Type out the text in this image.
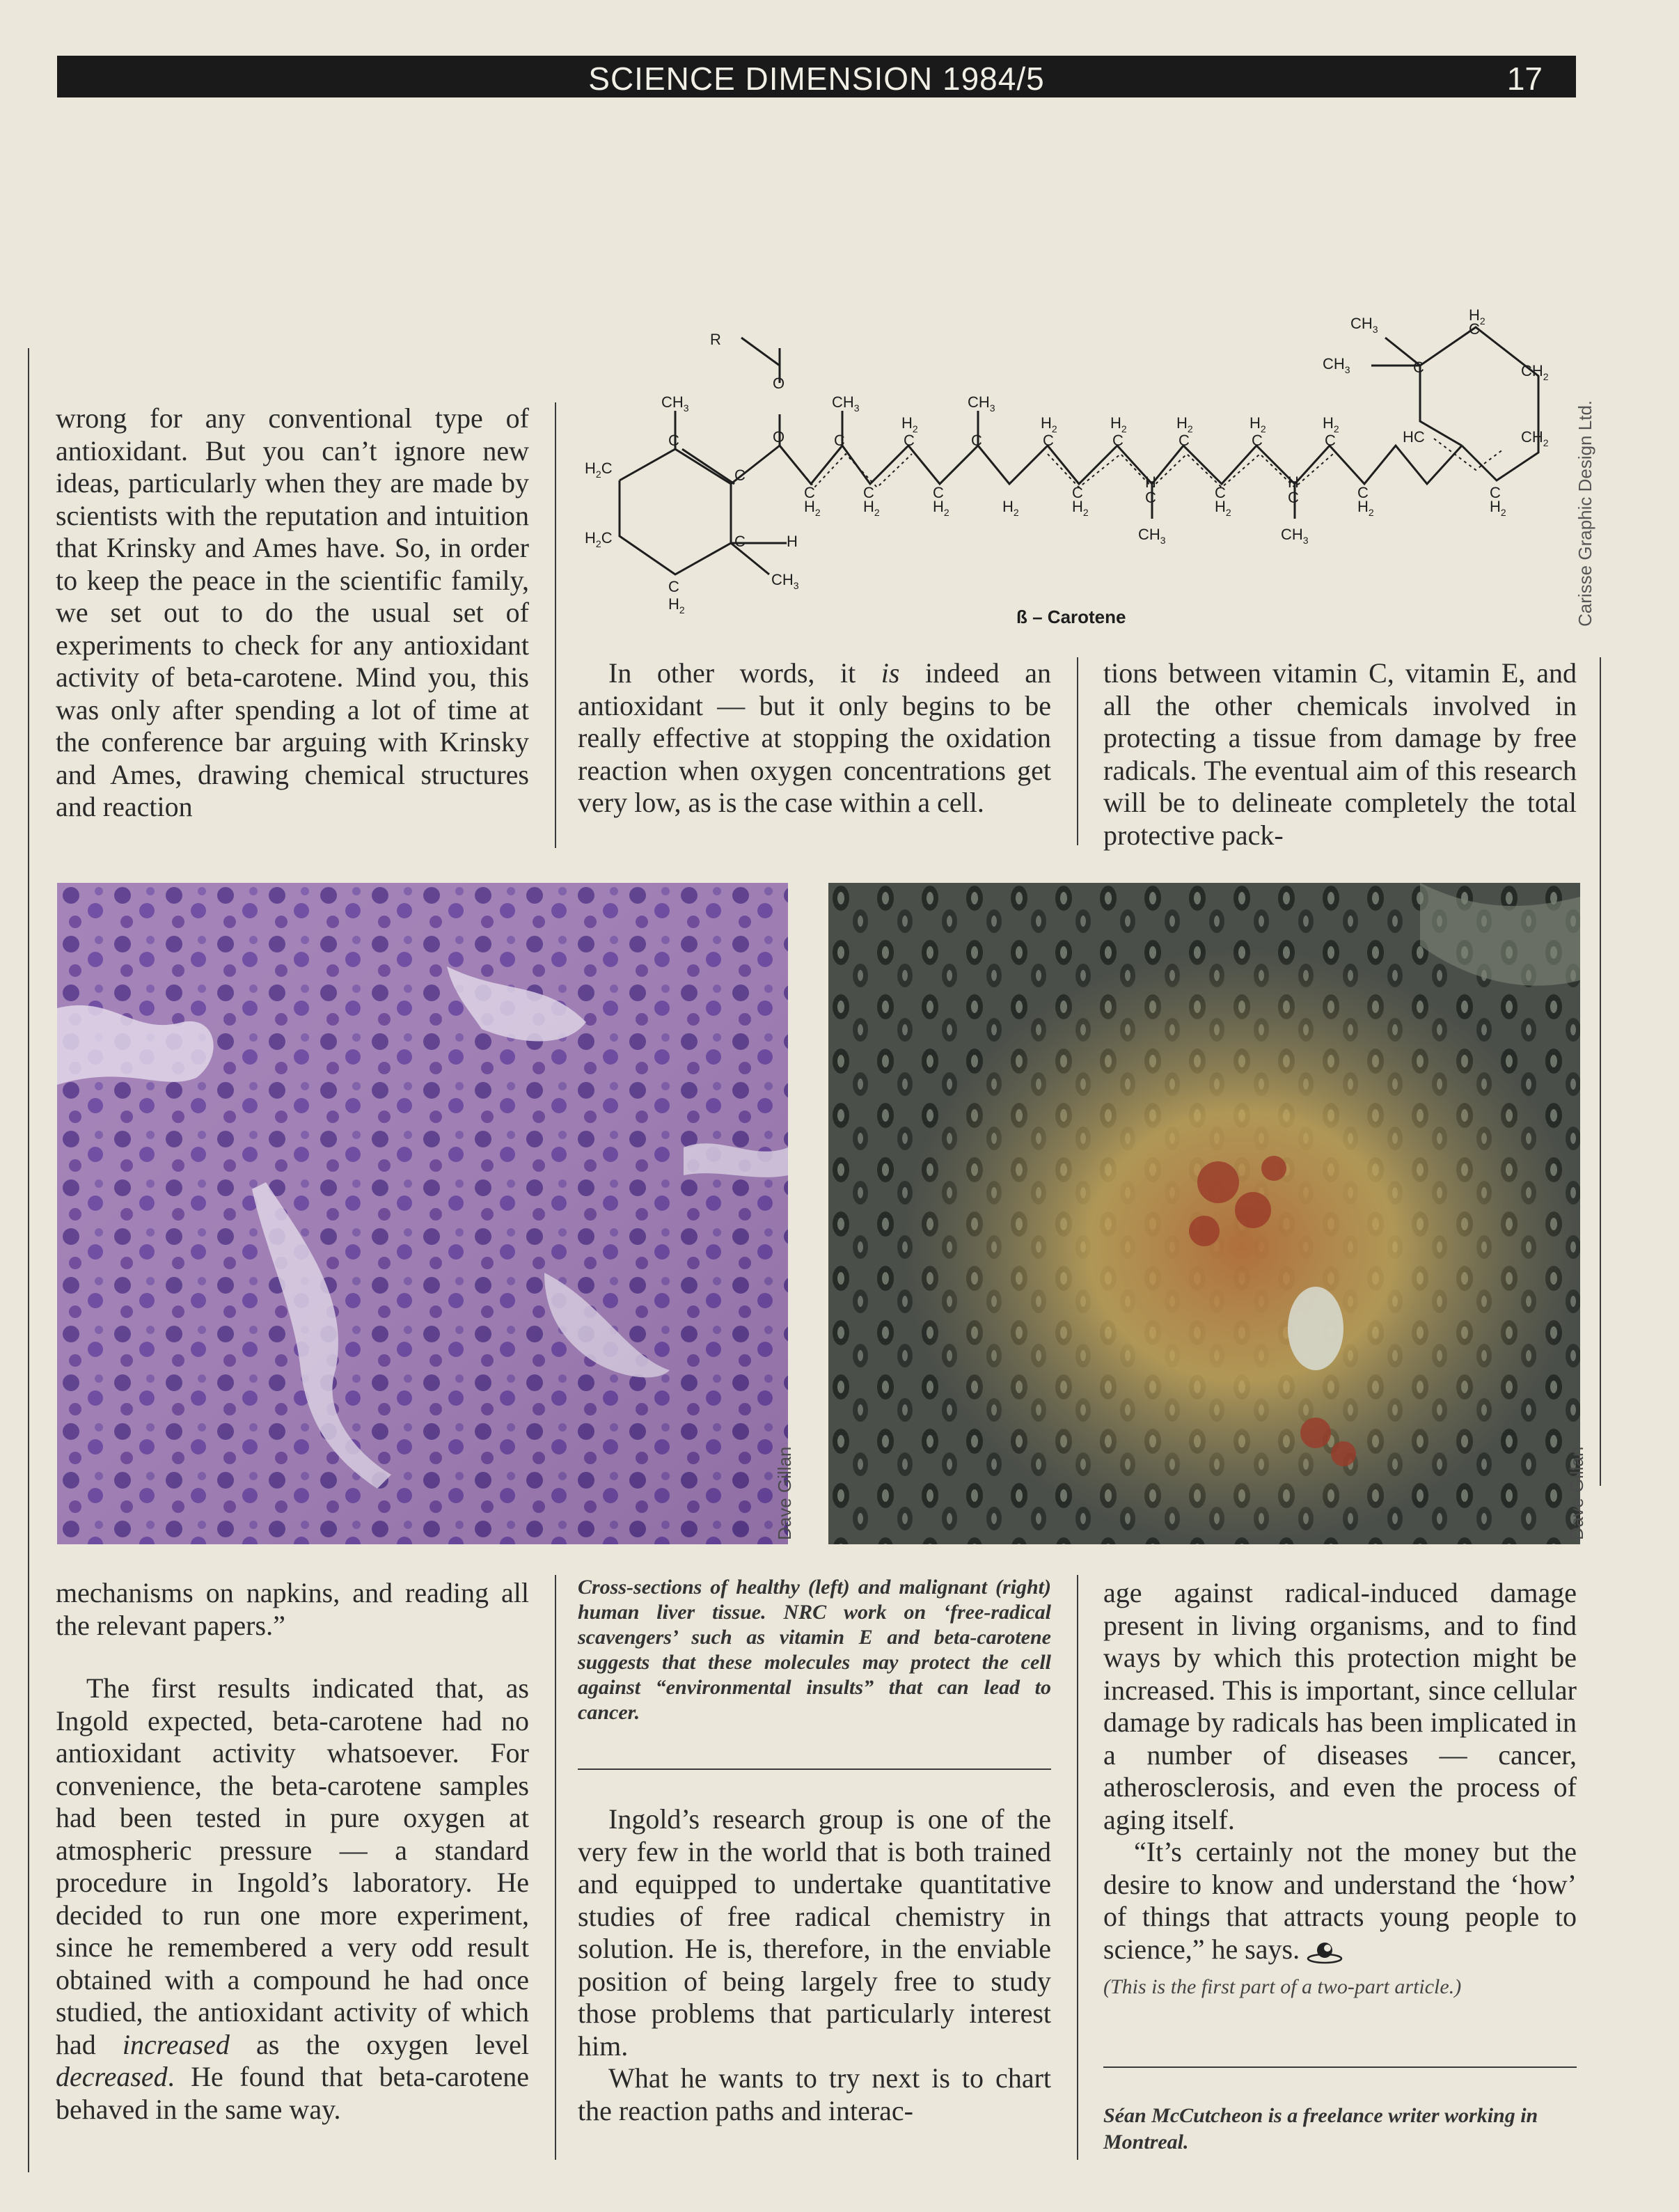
SCIENCE DIMENSION 1984/5	17

wrong for any conventional type of antioxidant. But you can’t ignore new ideas, particularly when they are made by scientists with the reputation and intuition that Krinsky and Ames have. So, in order to keep the peace in the scientific family, we set out to do the usual set of experiments to check for any antioxidant activity of beta-carotene. Mind you, this was only after spending a lot of time at the conference bar arguing with Krinsky and Ames, drawing chemical structures and reaction

R
O
O
$CH_3$
C
$H_2C$
$H_2C$
C
C	H
C
$H_2$
$CH_3$
$CH_3$
C
C
$H_2$
C
$H_2$
$H_2$
C
C
$H_2$
$CH_3$
C
$H_2$
$H_2$
C
C
$H_2$
$H_2$
C
H
C
$CH_3$
$H_2$
C
C
$H_2$
$H_2$
C
H
C
$CH_3$
$H_2$
C
C
$H_2$
HC
C
$H_2$
$CH_2$
$CH_2$
$H_2$
C
C
$CH_3$
$CH_3$
ß – Carotene	Carisse Graphic Design Ltd.

In other words, it is indeed an antioxidant — but it only begins to be really effective at stopping the oxidation reaction when oxygen concentrations get very low, as is the case within a cell.

tions between vitamin C, vitamin E, and all the other chemicals involved in protecting a tissue from damage by free radicals. The eventual aim of this research will be to delineate completely the total protective pack-

Dave Gillan	Dave Gillan

mechanisms on napkins, and reading all the relevant papers.”

The first results indicated that, as Ingold expected, beta-carotene had no antioxidant activity whatsoever. For convenience, the beta-carotene samples had been tested in pure oxygen at atmospheric pressure — a standard procedure in Ingold’s laboratory. He decided to run one more experiment, since he remembered a very odd result obtained with a compound he had once studied, the antioxidant activity of which had increased as the oxygen level decreased. He found that beta-carotene behaved in the same way.

Cross-sections of healthy (left) and malignant (right) human liver tissue. NRC work on ‘free-radical scavengers’ such as vitamin E and beta-carotene suggests that these molecules may protect the cell against “environmental insults” that can lead to cancer.

Ingold’s research group is one of the very few in the world that is both trained and equipped to undertake quantitative studies of free radical chemistry in solution. He is, therefore, in the enviable position of being largely free to study those problems that particularly interest him.

What he wants to try next is to chart the reaction paths and interac-

age against radical-induced damage present in living organisms, and to find ways by which this protection might be increased. This is important, since cellular damage by radicals has been implicated in a number of diseases — cancer, atherosclerosis, and even the process of aging itself.

“It’s certainly not the money but the desire to know and understand the ‘how’ of things that attracts young people to science,” he says.

(This is the first part of a two-part article.)

Séan McCutcheon is a freelance writer working in Montreal.
